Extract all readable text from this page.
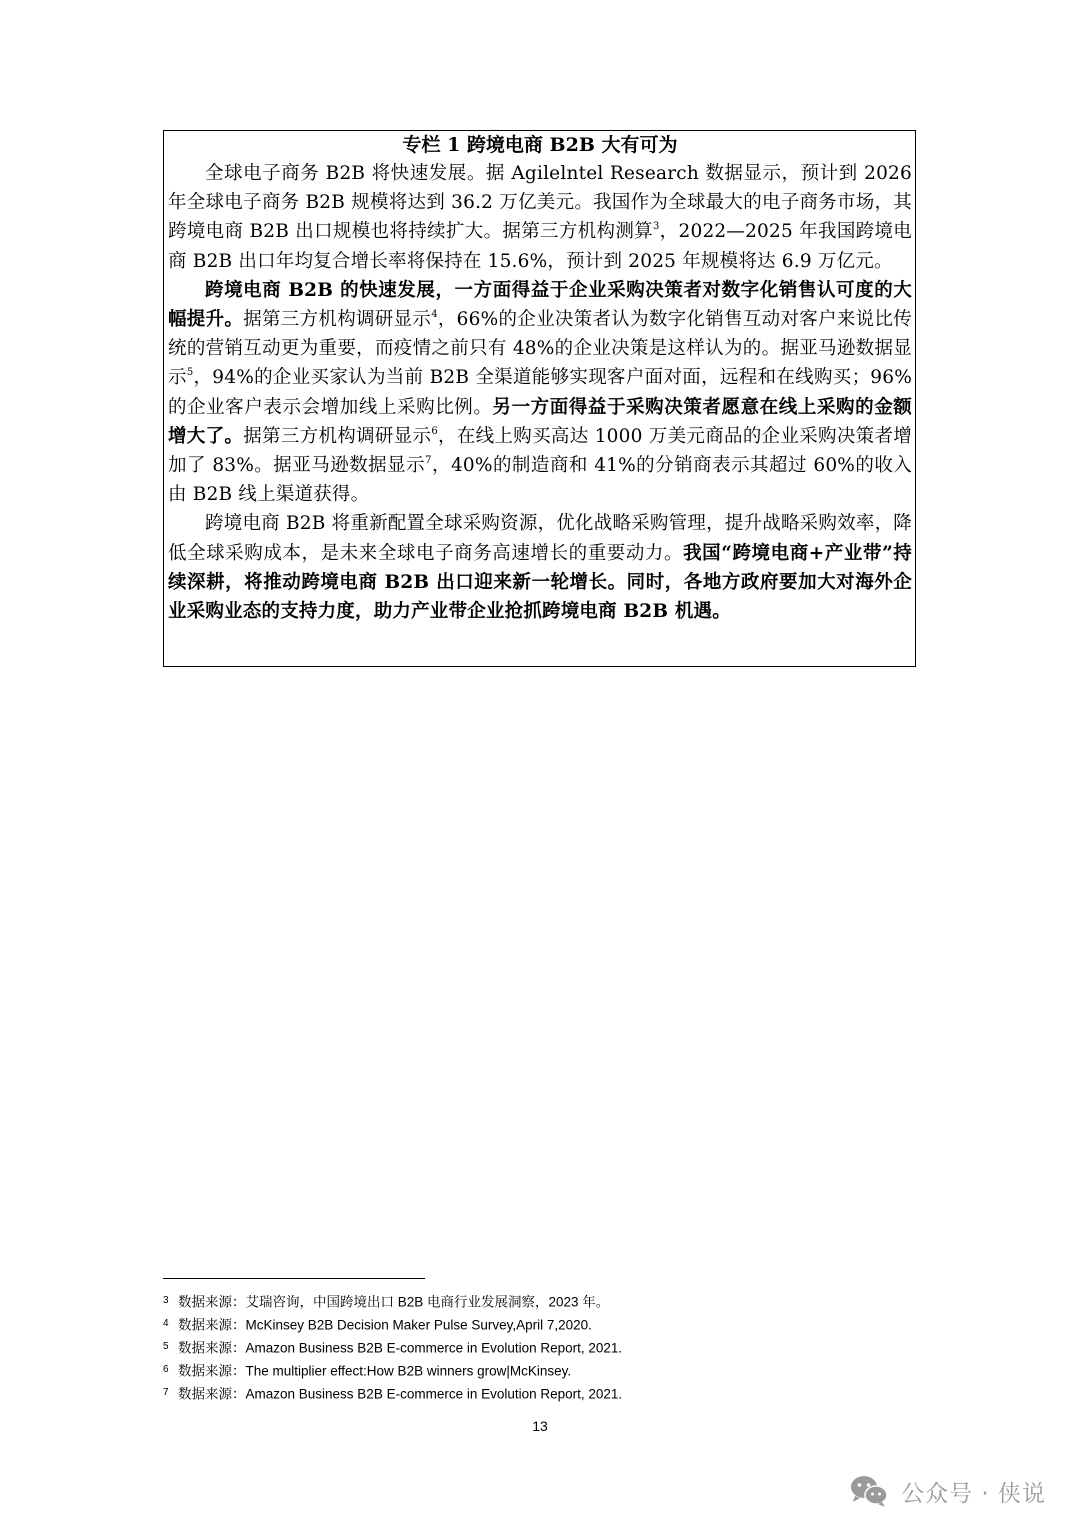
专栏 1 跨境电商 B2B 大有可为

全球电子商务 B2B 将快速发展。据 Agilelntel Research 数据显示，预计到 2026 年全球电子商务 B2B 规模将达到 36.2 万亿美元。我国作为全球最大的电子商务市场，其跨境电商 B2B 出口规模也将持续扩大。据第三方机构测算$^3$，2022—2025 年我国跨境电商 B2B 出口年均复合增长率将保持在 15.6%，预计到 2025 年规模将达 6.9 万亿元。

跨境电商 B2B 的快速发展，一方面得益于企业采购决策者对数字化销售认可度的大幅提升。据第三方机构调研显示$^4$，66%的企业决策者认为数字化销售互动对客户来说比传统的营销互动更为重要，而疫情之前只有 48%的企业决策是这样认为的。据亚马逊数据显示$^5$，94%的企业买家认为当前 B2B 全渠道能够实现客户面对面，远程和在线购买；96%的企业客户表示会增加线上采购比例。另一方面得益于采购决策者愿意在线上采购的金额增大了。据第三方机构调研显示$^6$，在线上购买高达 1000 万美元商品的企业采购决策者增加了 83%。据亚马逊数据显示$^7$，40%的制造商和 41%的分销商表示其超过 60%的收入由 B2B 线上渠道获得。

跨境电商 B2B 将重新配置全球采购资源，优化战略采购管理，提升战略采购效率，降低全球采购成本，是未来全球电子商务高速增长的重要动力。我国“跨境电商+产业带”持续深耕，将推动跨境电商 B2B 出口迎来新一轮增长。同时，各地方政府要加大对海外企业采购业态的支持力度，助力产业带企业抢抓跨境电商 B2B 机遇。

3 数据来源：艾瑞咨询，中国跨境出口 B2B 电商行业发展洞察，2023 年。
4 数据来源：McKinsey B2B Decision Maker Pulse Survey,April 7,2020.
5 数据来源：Amazon Business B2B E-commerce in Evolution Report, 2021.
6 数据来源：The multiplier effect:How B2B winners grow|McKinsey.
7 数据来源：Amazon Business B2B E-commerce in Evolution Report, 2021.
13
公众号 · 侠说
